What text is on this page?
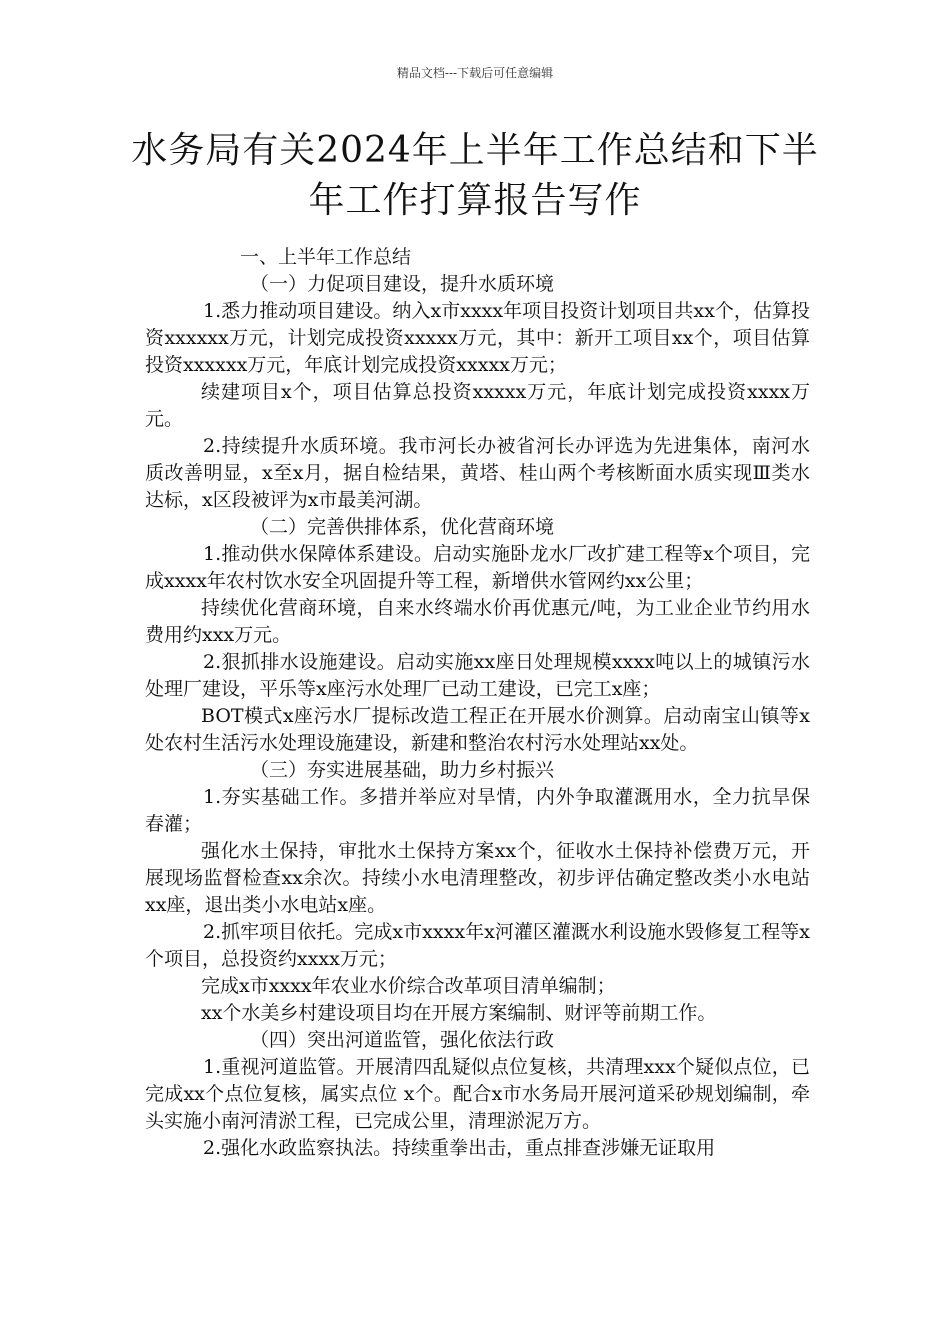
精品文档---下载后可任意编辑
水务局有关2024年上半年工作总结和下半年工作打算报告写作

一、上半年工作总结

（一）力促项目建设，提升水质环境

1.悉力推动项目建设。纳入x市xxxx年项目投资计划项目共xx个，估算投资xxxxxx万元，计划完成投资xxxxx万元，其中：新开工项目xx个，项目估算投资xxxxxx万元，年底计划完成投资xxxxx万元；

续建项目x个，项目估算总投资xxxxx万元，年底计划完成投资xxxx万元。

2.持续提升水质环境。我市河长办被省河长办评选为先进集体，南河水质改善明显，x至x月，据自检结果，黄塔、桂山两个考核断面水质实现Ⅲ类水达标，x区段被评为x市最美河湖。

（二）完善供排体系，优化营商环境

1.推动供水保障体系建设。启动实施卧龙水厂改扩建工程等x个项目，完成xxxx年农村饮水安全巩固提升等工程，新增供水管网约xx公里；

持续优化营商环境，自来水终端水价再优惠元/吨，为工业企业节约用水费用约xxx万元。

2.狠抓排水设施建设。启动实施xx座日处理规模xxxx吨以上的城镇污水处理厂建设，平乐等x座污水处理厂已动工建设，已完工x座；

BOT模式x座污水厂提标改造工程正在开展水价测算。启动南宝山镇等x处农村生活污水处理设施建设，新建和整治农村污水处理站xx处。

（三）夯实进展基础，助力乡村振兴

1.夯实基础工作。多措并举应对旱情，内外争取灌溉用水，全力抗旱保春灌；

强化水土保持，审批水土保持方案xx个，征收水土保持补偿费万元，开展现场监督检查xx余次。持续小水电清理整改，初步评估确定整改类小水电站xx座，退出类小水电站x座。

2.抓牢项目依托。完成x市xxxx年x河灌区灌溉水利设施水毁修复工程等x个项目，总投资约xxxx万元；

完成x市xxxx年农业水价综合改革项目清单编制；

xx个水美乡村建设项目均在开展方案编制、财评等前期工作。

（四）突出河道监管，强化依法行政

1.重视河道监管。开展清四乱疑似点位复核，共清理xxx个疑似点位，已完成xx个点位复核，属实点位 x个。配合x市水务局开展河道采砂规划编制，牵头实施小南河清淤工程，已完成公里，清理淤泥万方。

2.强化水政监察执法。持续重拳出击，重点排查涉嫌无证取用
